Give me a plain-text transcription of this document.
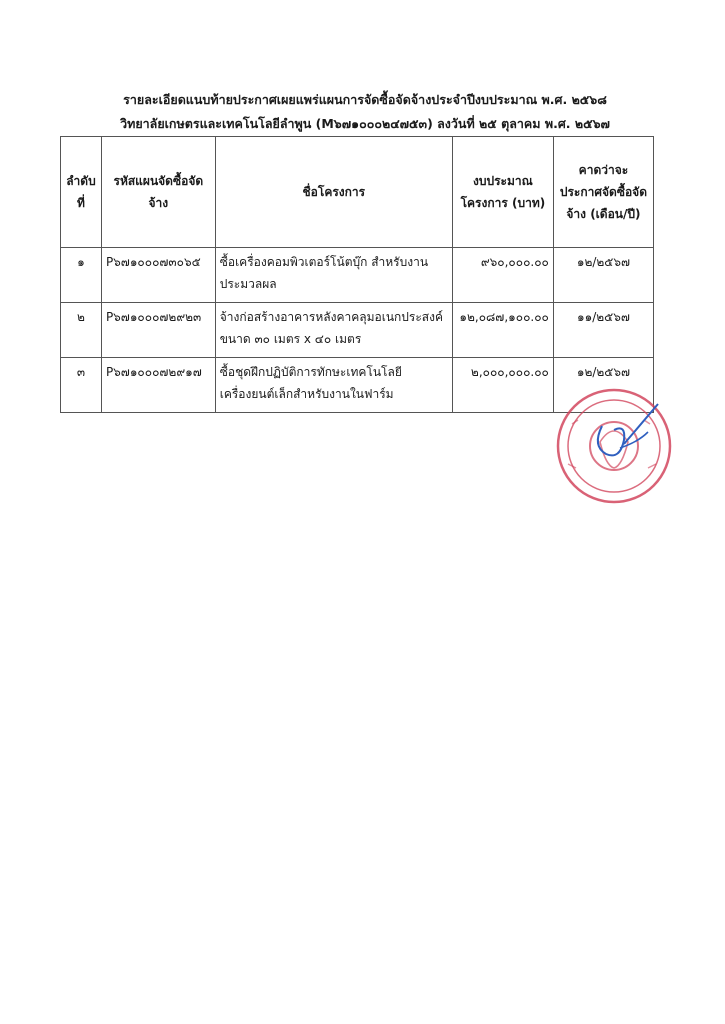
รายละเอียดแนบท้ายประกาศเผยแพร่แผนการจัดซื้อจัดจ้างประจำปีงบประมาณ พ.ศ. ๒๕๖๘
วิทยาลัยเกษตรและเทคโนโลยีลำพูน (M๖๗๑๐๐๐๒๔๗๕๓) ลงวันที่ ๒๕ ตุลาคม พ.ศ. ๒๕๖๗
ลำดับที่	รหัสแผนจัดซื้อจัดจ้าง	ชื่อโครงการ	งบประมาณโครงการ (บาท)	คาดว่าจะประกาศจัดซื้อจัดจ้าง (เดือน/ปี)
๑	P๖๗๑๐๐๐๗๓๐๖๕	ซื้อเครื่องคอมพิวเตอร์โน้ตบุ๊ก สำหรับงานประมวลผล	๙๖๐,๐๐๐.๐๐	๑๒/๒๕๖๗
๒	P๖๗๑๐๐๐๗๒๙๒๓	จ้างก่อสร้างอาคารหลังคาคลุมอเนกประสงค์ ขนาด ๓๐ เมตร x ๔๐ เมตร	๑๒,๐๘๗,๑๐๐.๐๐	๑๑/๒๕๖๗
๓	P๖๗๑๐๐๐๗๒๙๑๗	ซื้อชุดฝึกปฏิบัติการทักษะเทคโนโลยีเครื่องยนต์เล็กสำหรับงานในฟาร์ม	๒,๐๐๐,๐๐๐.๐๐	๑๒/๒๕๖๗
